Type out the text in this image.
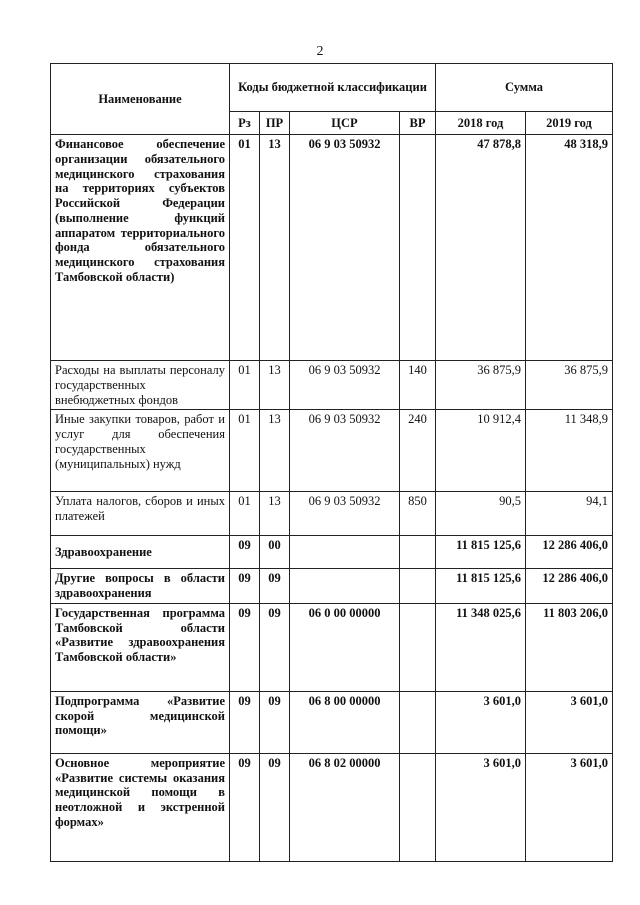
2
Наименование	Коды бюджетной классификации				Сумма	
	Рз	ПР	ЦСР	ВР	2018 год	2019 год
Финансовое обеспечение организации обязательного медицинского страхования на территориях субъектов Российской Федерации (выполнение функций аппаратом территориального фонда обязательного медицинского страхования Тамбовской области)	01	13	06 9 03 50932		47 878,8	48 318,9
Расходы на выплаты персоналу государственных внебюджетных фондов	01	13	06 9 03 50932	140	36 875,9	36 875,9
Иные закупки товаров, работ и услуг для обеспечения государственных (муниципальных) нужд	01	13	06 9 03 50932	240	10 912,4	11 348,9
Уплата налогов, сборов и иных платежей	01	13	06 9 03 50932	850	90,5	94,1
Здравоохранение	09	00			11 815 125,6	12 286 406,0
Другие вопросы в области здравоохранения	09	09			11 815 125,6	12 286 406,0
Государственная программа Тамбовской области «Развитие здравоохранения Тамбовской области»	09	09	06 0 00 00000		11 348 025,6	11 803 206,0
Подпрограмма «Развитие скорой медицинской помощи»	09	09	06 8 00 00000		3 601,0	3 601,0
Основное мероприятие «Развитие системы оказания медицинской помощи в неотложной и экстренной формах»	09	09	06 8 02 00000		3 601,0	3 601,0
